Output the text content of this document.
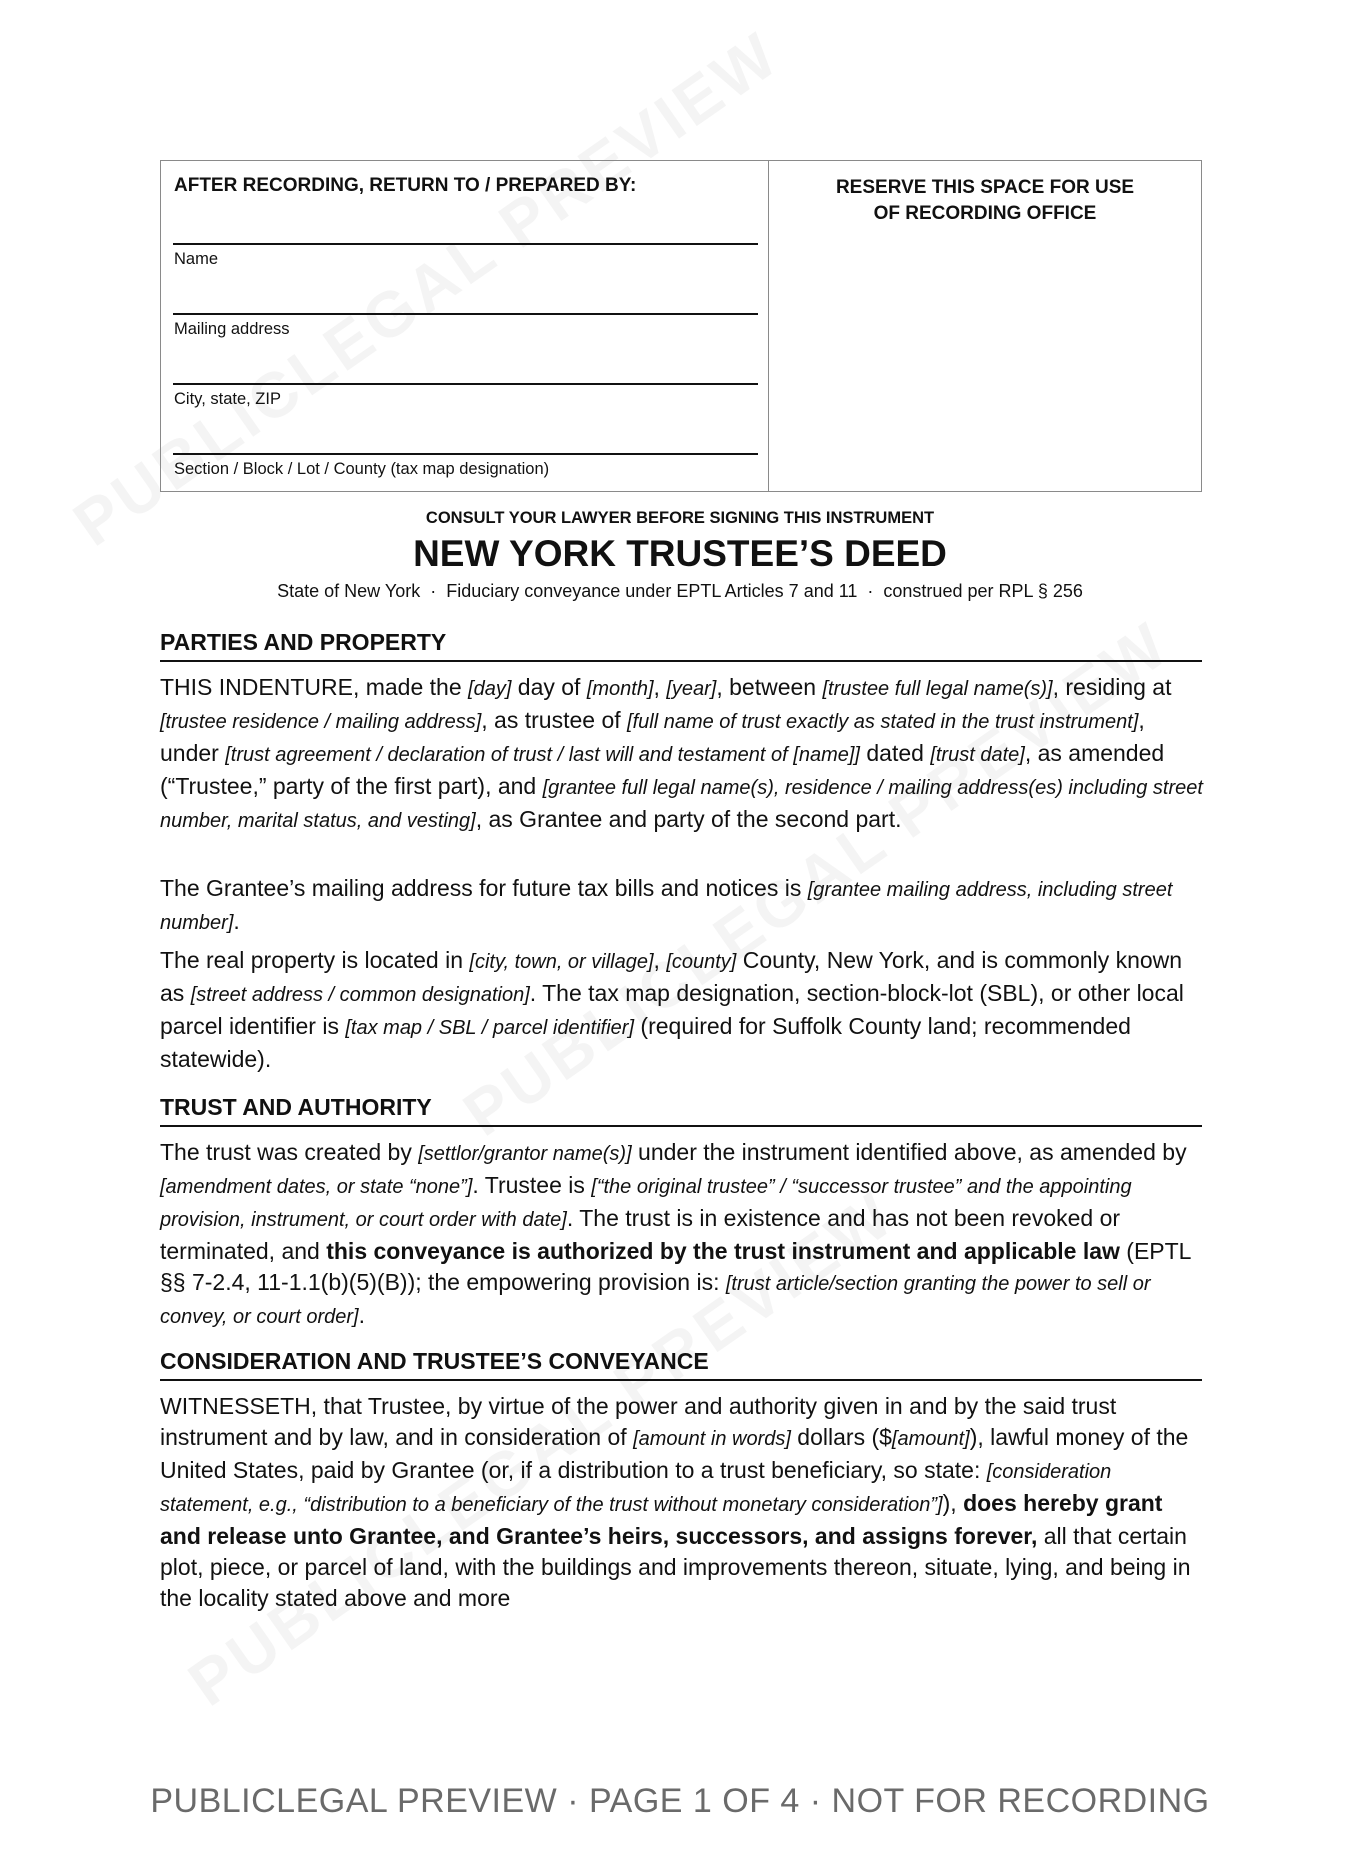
AFTER RECORDING, RETURN TO / PREPARED BY:
Name
Mailing address
City, state, ZIP
Section / Block / Lot / County (tax map designation)
RESERVE THIS SPACE FOR USE
OF RECORDING OFFICE
CONSULT YOUR LAWYER BEFORE SIGNING THIS INSTRUMENT
NEW YORK TRUSTEE’S DEED
State of New York  ·  Fiduciary conveyance under EPTL Articles 7 and 11  ·  construed per RPL § 256
PARTIES AND PROPERTY
THIS INDENTURE, made the [day] day of [month], [year], between [trustee full legal name(s)], residing at [trustee residence / mailing address], as trustee of [full name of trust exactly as stated in the trust instrument], under [trust agreement / declaration of trust / last will and testament of [name]] dated [trust date], as amended (“Trustee,” party of the first part), and [grantee full legal name(s), residence / mailing address(es) including street number, marital status, and vesting], as Grantee and party of the second part.
The Grantee’s mailing address for future tax bills and notices is [grantee mailing address, including street number].
The real property is located in [city, town, or village], [county] County, New York, and is commonly known as [street address / common designation]. The tax map designation, section-block-lot (SBL), or other local parcel identifier is [tax map / SBL / parcel identifier] (required for Suffolk County land; recommended statewide).
TRUST AND AUTHORITY
The trust was created by [settlor/grantor name(s)] under the instrument identified above, as amended by [amendment dates, or state “none”]. Trustee is [“the original trustee” / “successor trustee” and the appointing provision, instrument, or court order with date]. The trust is in existence and has not been revoked or terminated, and this conveyance is authorized by the trust instrument and applicable law (EPTL §§ 7-2.4, 11-1.1(b)(5)(B)); the empowering provision is: [trust article/section granting the power to sell or convey, or court order].
CONSIDERATION AND TRUSTEE’S CONVEYANCE
WITNESSETH, that Trustee, by virtue of the power and authority given in and by the said trust instrument and by law, and in consideration of [amount in words] dollars ($[amount]), lawful money of the United States, paid by Grantee (or, if a distribution to a trust beneficiary, so state: [consideration statement, e.g., “distribution to a beneficiary of the trust without monetary consideration”]), does hereby grant and release unto Grantee, and Grantee’s heirs, successors, and assigns forever, all that certain plot, piece, or parcel of land, with the buildings and improvements thereon, situate, lying, and being in the locality stated above and more
PUBLICLEGAL PREVIEW · PAGE 1 OF 4 · NOT FOR RECORDING
